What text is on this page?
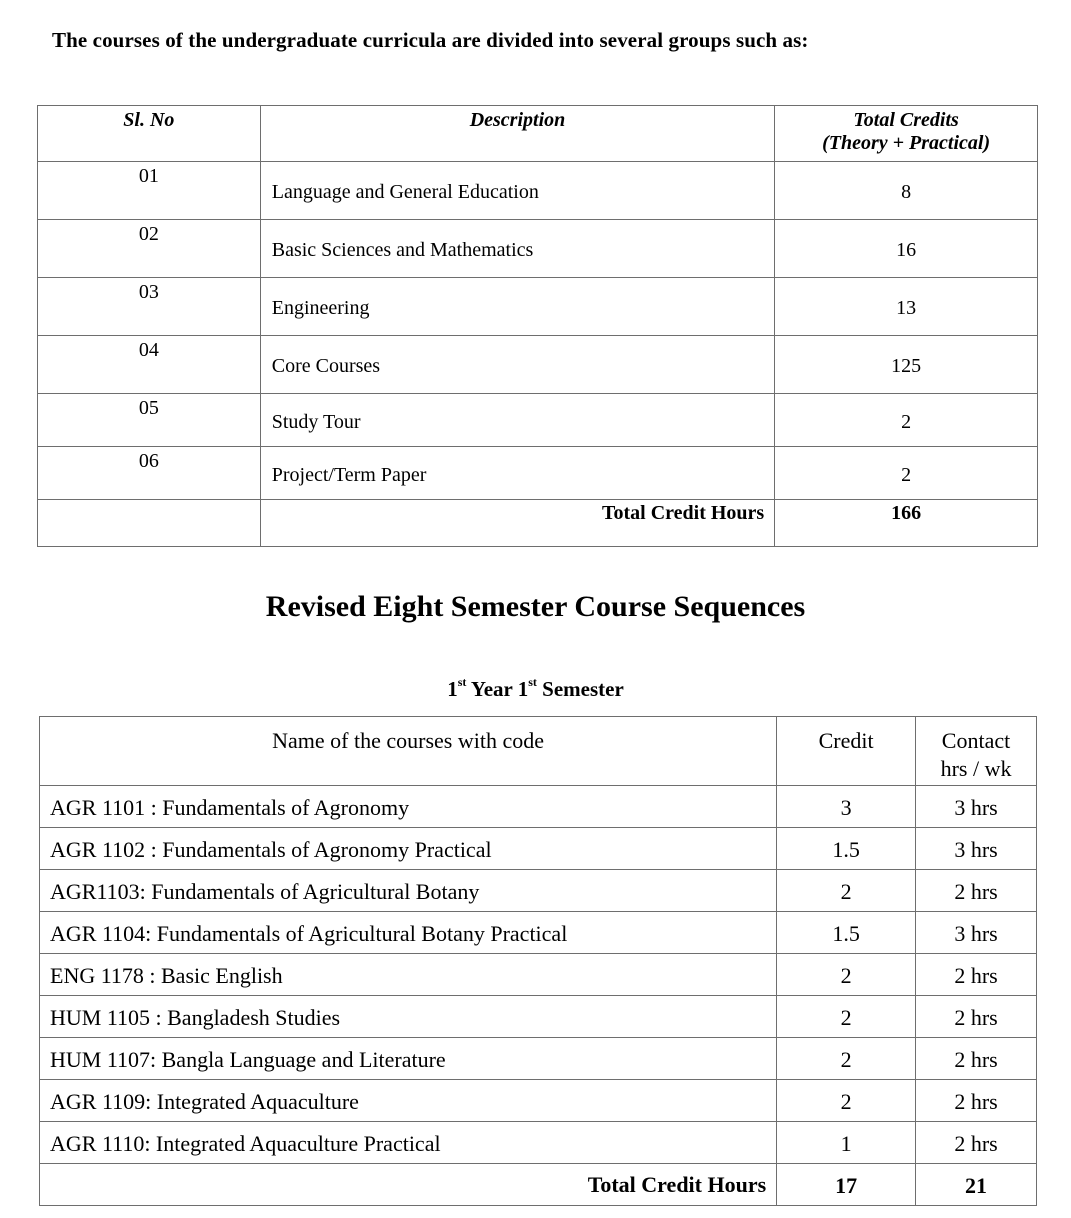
The courses of the undergraduate curricula are divided into several groups such as:
Sl. No	Description	Total Credits
(Theory + Practical)
01	Language and General Education	8
02	Basic Sciences and Mathematics	16
03	Engineering	13
04	Core Courses	125
05	Study Tour	2
06	Project/Term Paper	2
	Total Credit Hours	166
Revised Eight Semester Course Sequences
1st Year 1st Semester
Name of the courses with code	Credit	Contact
hrs / wk
AGR 1101 : Fundamentals of Agronomy	3	3 hrs
AGR 1102 : Fundamentals of Agronomy Practical	1.5	3 hrs
AGR1103: Fundamentals of Agricultural Botany	2	2 hrs
AGR 1104: Fundamentals of Agricultural Botany Practical	1.5	3 hrs
ENG 1178 : Basic English	2	2 hrs
HUM 1105 : Bangladesh Studies	2	2 hrs
HUM 1107: Bangla Language and Literature	2	2 hrs
AGR 1109: Integrated Aquaculture	2	2 hrs
AGR 1110: Integrated Aquaculture Practical	1	2 hrs
Total Credit Hours	17	21
